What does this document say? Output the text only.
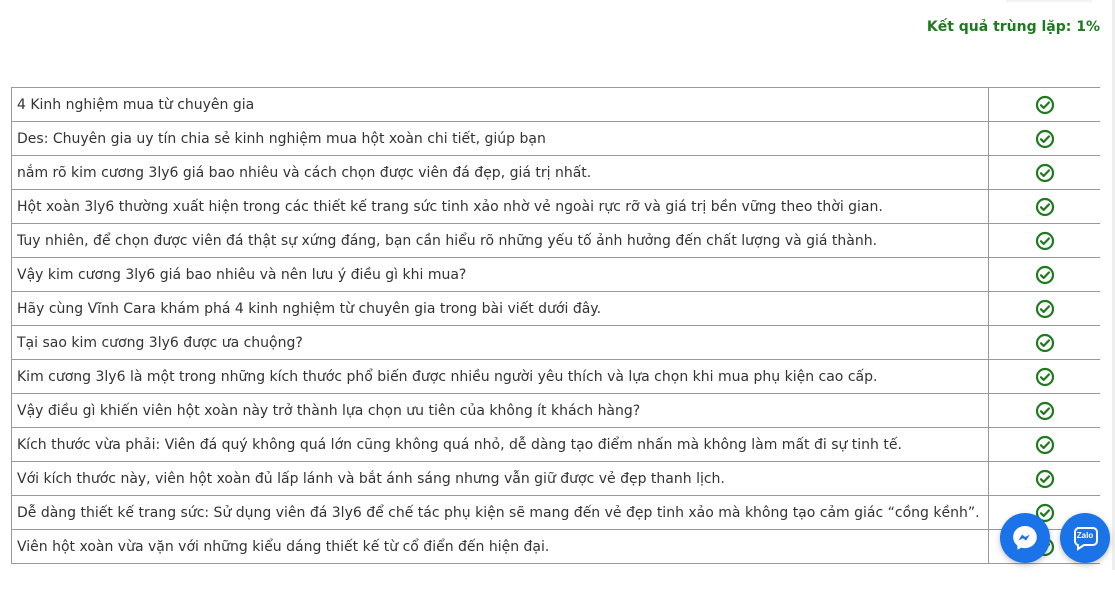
Kết quả trùng lặp: 1%
4 Kinh nghiệm mua từ chuyên gia	
Des: Chuyên gia uy tín chia sẻ kinh nghiệm mua hột xoàn chi tiết, giúp bạn	
nắm rõ kim cương 3ly6 giá bao nhiêu và cách chọn được viên đá đẹp, giá trị nhất.	
Hột xoàn 3ly6 thường xuất hiện trong các thiết kế trang sức tinh xảo nhờ vẻ ngoài rực rỡ và giá trị bền vững theo thời gian.	
Tuy nhiên, để chọn được viên đá thật sự xứng đáng, bạn cần hiểu rõ những yếu tố ảnh hưởng đến chất lượng và giá thành.	
Vậy kim cương 3ly6 giá bao nhiêu và nên lưu ý điều gì khi mua?	
Hãy cùng Vĩnh Cara khám phá 4 kinh nghiệm từ chuyên gia trong bài viết dưới đây.	
Tại sao kim cương 3ly6 được ưa chuộng?	
Kim cương 3ly6 là một trong những kích thước phổ biến được nhiều người yêu thích và lựa chọn khi mua phụ kiện cao cấp.	
Vậy điều gì khiến viên hột xoàn này trở thành lựa chọn ưu tiên của không ít khách hàng?	
Kích thước vừa phải: Viên đá quý không quá lớn cũng không quá nhỏ, dễ dàng tạo điểm nhấn mà không làm mất đi sự tinh tế.	
Với kích thước này, viên hột xoàn đủ lấp lánh và bắt ánh sáng nhưng vẫn giữ được vẻ đẹp thanh lịch.	
Dễ dàng thiết kế trang sức: Sử dụng viên đá 3ly6 để chế tác phụ kiện sẽ mang đến vẻ đẹp tinh xảo mà không tạo cảm giác “cồng kềnh”.	
Viên hột xoàn vừa vặn với những kiểu dáng thiết kế từ cổ điển đến hiện đại.	
Zalo
